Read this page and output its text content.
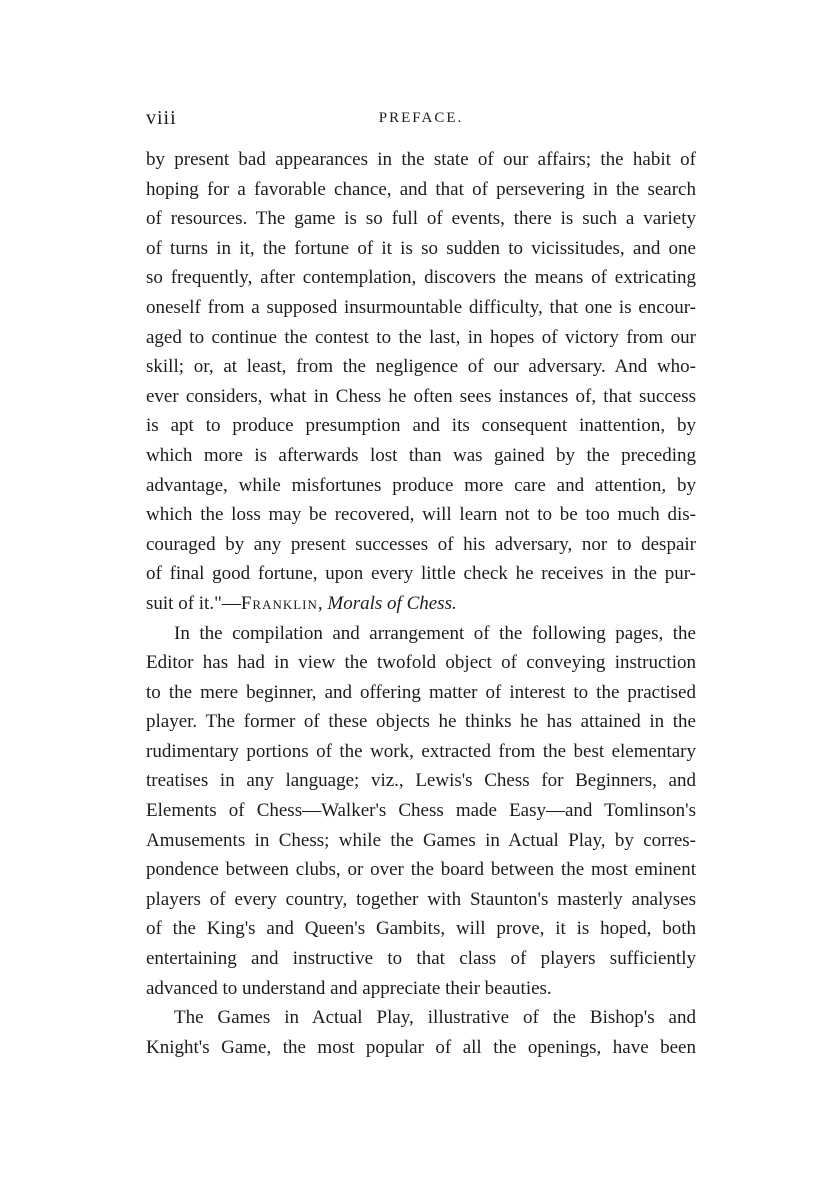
viii	PREFACE.
by present bad appearances in the state of our affairs; the habit of
hoping for a favorable chance, and that of persevering in the search
of resources. The game is so full of events, there is such a variety
of turns in it, the fortune of it is so sudden to vicissitudes, and one
so frequently, after contemplation, discovers the means of extricating
oneself from a supposed insurmountable difficulty, that one is encour-
aged to continue the contest to the last, in hopes of victory from our
skill; or, at least, from the negligence of our adversary. And who-
ever considers, what in Chess he often sees instances of, that success
is apt to produce presumption and its consequent inattention, by
which more is afterwards lost than was gained by the preceding
advantage, while misfortunes produce more care and attention, by
which the loss may be recovered, will learn not to be too much dis-
couraged by any present successes of his adversary, nor to despair
of final good fortune, upon every little check he receives in the pur-
suit of it."—Franklin, Morals of Chess.
In the compilation and arrangement of the following pages, the
Editor has had in view the twofold object of conveying instruction
to the mere beginner, and offering matter of interest to the practised
player. The former of these objects he thinks he has attained in the
rudimentary portions of the work, extracted from the best elementary
treatises in any language; viz., Lewis's Chess for Beginners, and
Elements of Chess—Walker's Chess made Easy—and Tomlinson's
Amusements in Chess; while the Games in Actual Play, by corres-
pondence between clubs, or over the board between the most eminent
players of every country, together with Staunton's masterly analyses
of the King's and Queen's Gambits, will prove, it is hoped, both
entertaining and instructive to that class of players sufficiently
advanced to understand and appreciate their beauties.
The Games in Actual Play, illustrative of the Bishop's and
Knight's Game, the most popular of all the openings, have been
